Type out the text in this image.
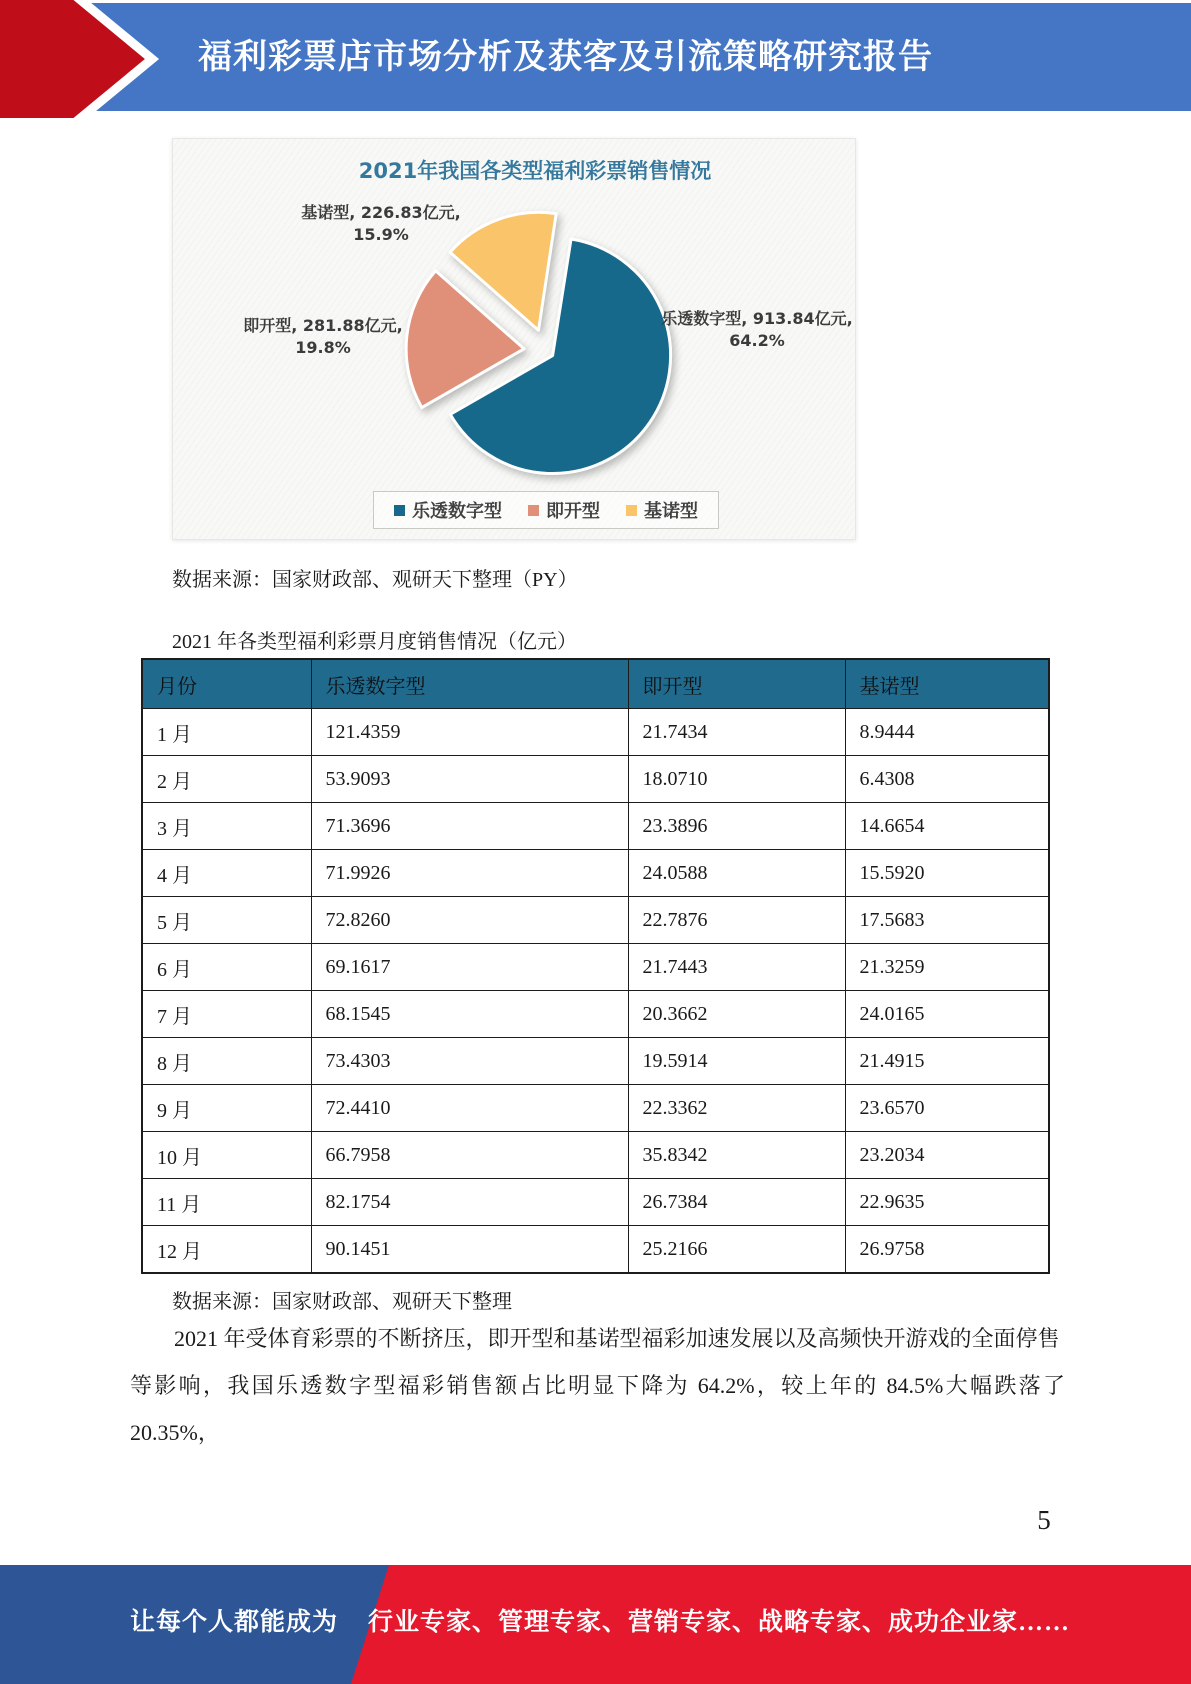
福利彩票店市场分析及获客及引流策略研究报告
2021年我国各类型福利彩票销售情况
基诺型, 226.83亿元,
15.9%
即开型, 281.88亿元,
19.8%
乐透数字型, 913.84亿元,
64.2%
乐透数字型 即开型 基诺型
数据来源：国家财政部、观研天下整理（PY）
2021 年各类型福利彩票月度销售情况（亿元）
月份	乐透数字型	即开型	基诺型
1 月	121.4359	21.7434	8.9444
2 月	53.9093	18.0710	6.4308
3 月	71.3696	23.3896	14.6654
4 月	71.9926	24.0588	15.5920
5 月	72.8260	22.7876	17.5683
6 月	69.1617	21.7443	21.3259
7 月	68.1545	20.3662	24.0165
8 月	73.4303	19.5914	21.4915
9 月	72.4410	22.3362	23.6570
10 月	66.7958	35.8342	23.2034
11 月	82.1754	26.7384	22.9635
12 月	90.1451	25.2166	26.9758
数据来源：国家财政部、观研天下整理
2021 年受体育彩票的不断挤压，即开型和基诺型福彩加速发展以及高频快开游戏的全面停售
等影响，我国乐透数字型福彩销售额占比明显下降为 64.2%，较上年的 84.5%大幅跌落了 20.35%，
5
让每个人都能成为 行业专家、管理专家、营销专家、战略专家、成功企业家……
